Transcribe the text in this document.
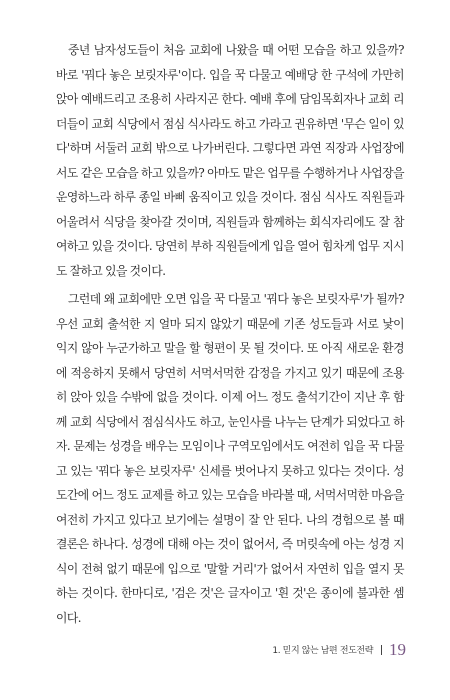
중년 남자성도들이 처음 교회에 나왔을 때 어떤 모습을 하고 있을까? 바로 '꿔다 놓은 보릿자루'이다. 입을 꾹 다물고 예배당 한 구석에 가만히 앉아 예배드리고 조용히 사라지곤 한다. 예배 후에 담임목회자나 교회 리더들이 교회 식당에서 점심 식사라도 하고 가라고 권유하면 '무슨 일이 있다'하며 서둘러 교회 밖으로 나가버린다. 그렇다면 과연 직장과 사업장에서도 같은 모습을 하고 있을까? 아마도 맡은 업무를 수행하거나 사업장을 운영하느라 하루 종일 바삐 움직이고 있을 것이다. 점심 식사도 직원들과 어울려서 식당을 찾아갈 것이며, 직원들과 함께하는 회식자리에도 잘 참여하고 있을 것이다. 당연히 부하 직원들에게 입을 열어 힘차게 업무 지시도 잘하고 있을 것이다.

그런데 왜 교회에만 오면 입을 꾹 다물고 '꿔다 놓은 보릿자루'가 될까? 우선 교회 출석한 지 얼마 되지 않았기 때문에 기존 성도들과 서로 낯이 익지 않아 누군가하고 말을 할 형편이 못 될 것이다. 또 아직 새로운 환경에 적응하지 못해서 당연히 서먹서먹한 감정을 가지고 있기 때문에 조용히 앉아 있을 수밖에 없을 것이다. 이제 어느 정도 출석기간이 지난 후 함께 교회 식당에서 점심식사도 하고, 눈인사를 나누는 단계가 되었다고 하자. 문제는 성경을 배우는 모임이나 구역모임에서도 여전히 입을 꾹 다물고 있는 '꿔다 놓은 보릿자루' 신세를 벗어나지 못하고 있다는 것이다. 성도간에 어느 정도 교제를 하고 있는 모습을 바라볼 때, 서먹서먹한 마음을 여전히 가지고 있다고 보기에는 설명이 잘 안 된다. 나의 경험으로 볼 때 결론은 하나다. 성경에 대해 아는 것이 없어서, 즉 머릿속에 아는 성경 지식이 전혀 없기 때문에 입으로 '말할 거리'가 없어서 자연히 입을 열지 못하는 것이다. 한마디로, '검은 것'은 글자이고 '흰 것'은 종이에 불과한 셈이다.

1. 믿지 않는 남편 전도전략 19
